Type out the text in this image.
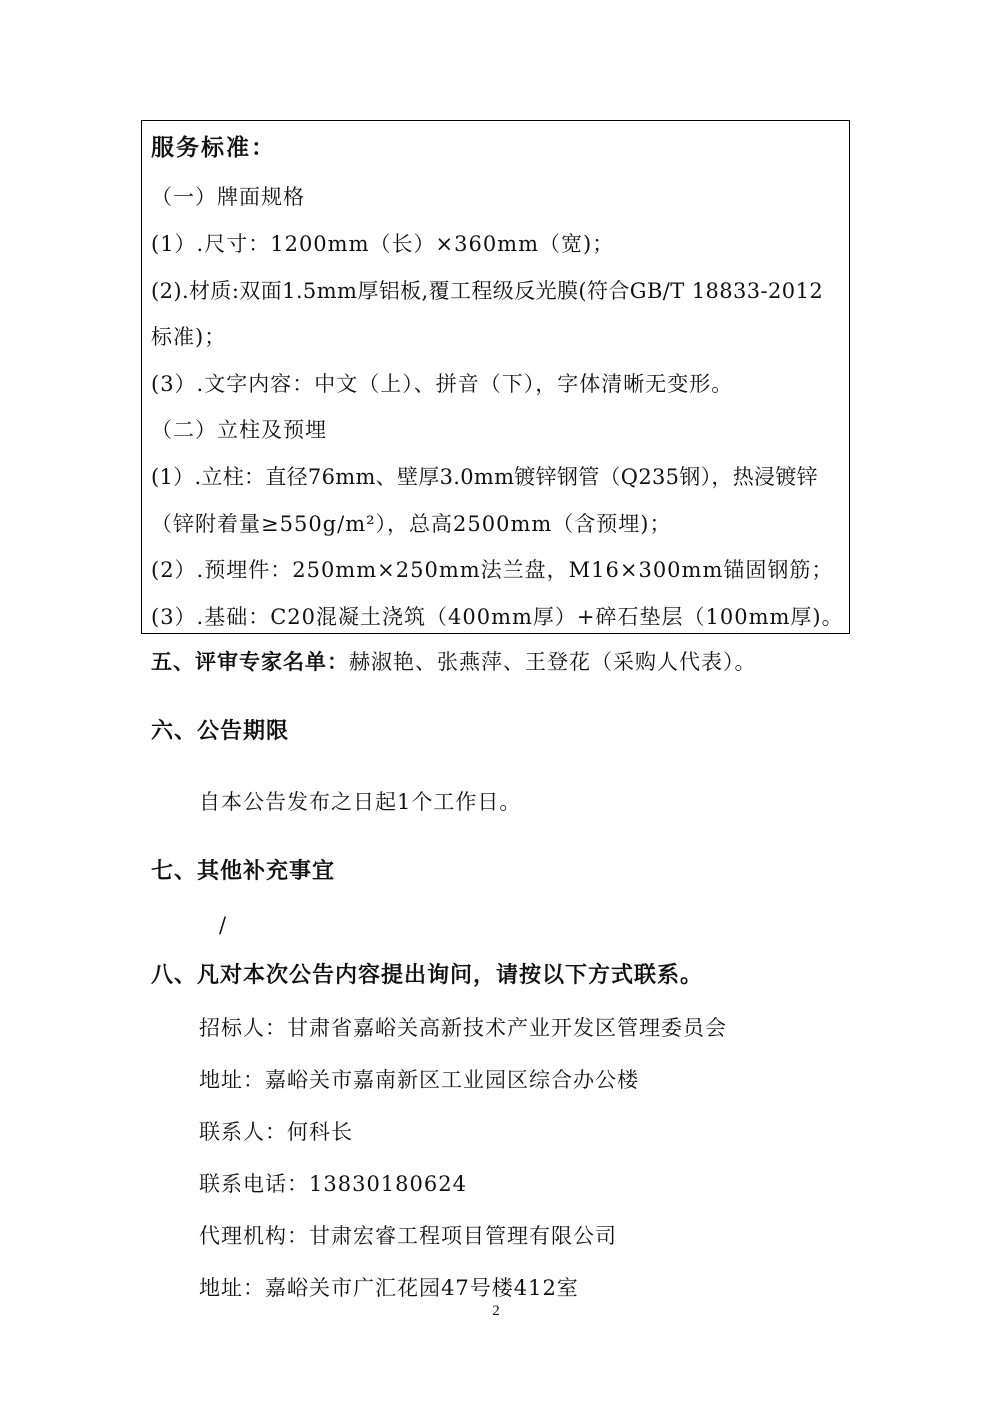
服务标准：
（一）牌面规格
(1）.尺寸：1200mm（长）×360mm（宽)；
(2).材质:双面1.5mm厚铝板,覆工程级反光膜(符合GB/T 18833-2012
标准)；
(3）.文字内容：中文（上）、拼音（下），字体清晰无变形。
（二）立柱及预埋
(1）.立柱：直径76mm、壁厚3.0mm镀锌钢管（Q235钢），热浸镀锌
（锌附着量≥550g/m²），总高2500mm（含预埋)；
(2）.预埋件：250mm×250mm法兰盘，M16×300mm锚固钢筋；
(3）.基础：C20混凝土浇筑（400mm厚）+碎石垫层（100mm厚)。
五、评审专家名单：赫淑艳、张燕萍、王登花（采购人代表）。
六、公告期限
自本公告发布之日起1个工作日。
七、其他补充事宜
/
八、凡对本次公告内容提出询问，请按以下方式联系。
招标人：甘肃省嘉峪关高新技术产业开发区管理委员会
地址：嘉峪关市嘉南新区工业园区综合办公楼
联系人：何科长
联系电话：13830180624
代理机构：甘肃宏睿工程项目管理有限公司
地址：嘉峪关市广汇花园47号楼412室
2
